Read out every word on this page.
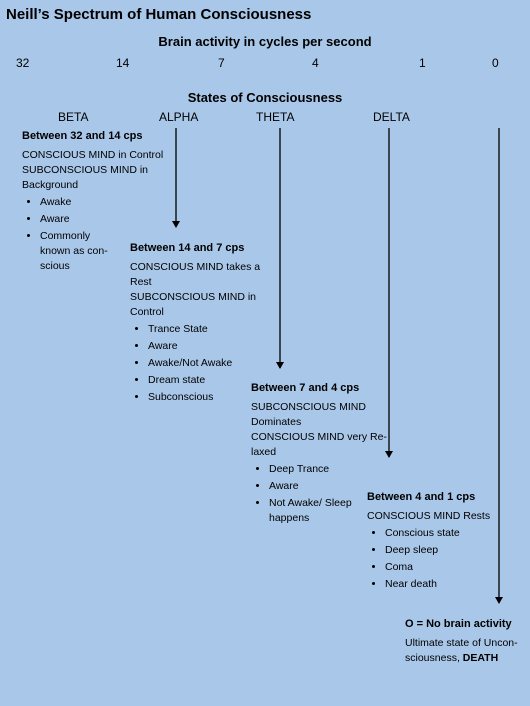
Neill’s Spectrum of Human Consciousness
Brain activity in cycles per second
32	14	7	4	1	0
States of Consciousness
BETA	ALPHA	THETA	DELTA
Between 32 and 14 cps

CONSCIOUS MIND in Control

SUBCONSCIOUS MIND in Background

• Awake
• Aware
• Commonly known as con-scious
Between 14 and 7 cps

CONSCIOUS MIND takes a Rest

SUBCONSCIOUS MIND in Control

• Trance State
• Aware
• Awake/Not Awake
• Dream state
• Subconscious
Between 7 and 4 cps

SUBCONSCIOUS MIND Dominates

CONSCIOUS MIND very Re-laxed

• Deep Trance
• Aware
• Not Awake/ Sleep happens
Between 4 and 1 cps

CONSCIOUS MIND Rests

• Conscious state
• Deep sleep
• Coma
• Near death
O = No brain activity

Ultimate state of Uncon-sciousness, DEATH
